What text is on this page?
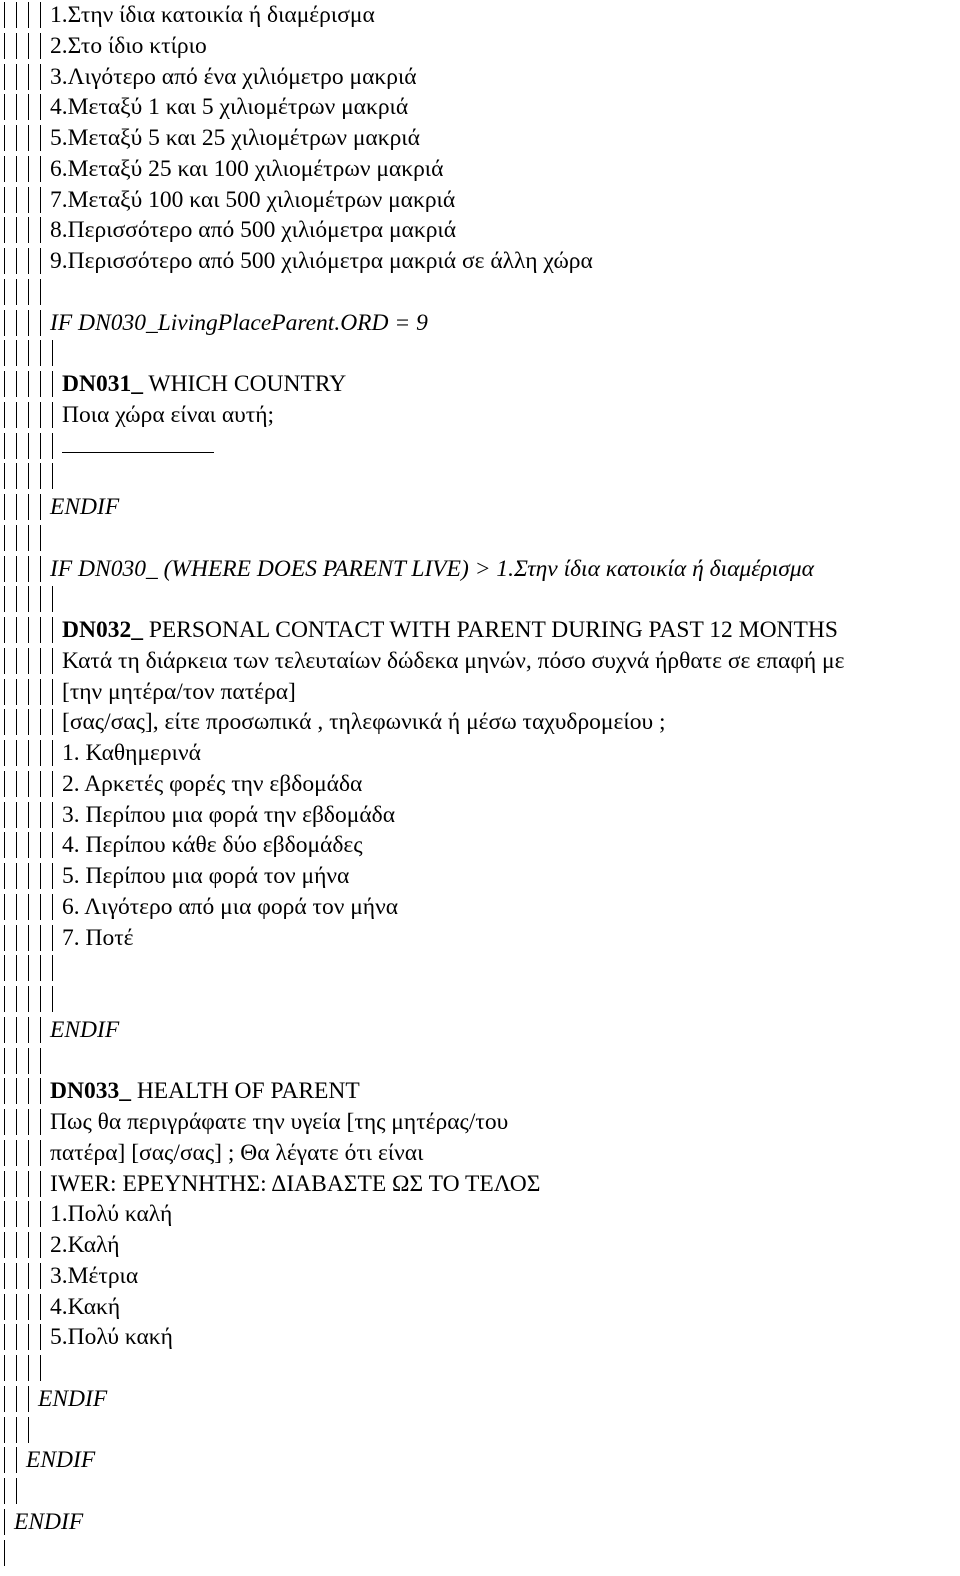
1.Στην ίδια κατοικία ή διαμέρισμα
2.Στο ίδιο κτίριο
3.Λιγότερο από ένα χιλιόμετρο μακριά
4.Μεταξύ 1 και 5 χιλιομέτρων μακριά
5.Μεταξύ 5 και 25 χιλιομέτρων μακριά
6.Μεταξύ 25 και 100 χιλιομέτρων μακριά
7.Μεταξύ 100 και 500 χιλιομέτρων μακριά
8.Περισσότερο από 500 χιλιόμετρα μακριά
9.Περισσότερο από 500 χιλιόμετρα μακριά σε άλλη χώρα
IF DN030_LivingPlaceParent.ORD = 9
DN031_ WHICH COUNTRY
Ποια χώρα είναι αυτή;
ENDIF
IF DN030_ (WHERE DOES PARENT LIVE) > 1.Στην ίδια κατοικία ή διαμέρισμα
DN032_ PERSONAL CONTACT WITH PARENT DURING PAST 12 MONTHS
Κατά τη διάρκεια των τελευταίων δώδεκα μηνών, πόσο συχνά ήρθατε σε επαφή με
[την μητέρα/τον πατέρα]
[σας/σας], είτε προσωπικά , τηλεφωνικά ή μέσω ταχυδρομείου ;
1. Καθημερινά
2. Αρκετές φορές την εβδομάδα
3. Περίπου μια φορά την εβδομάδα
4. Περίπου κάθε δύο εβδομάδες
5. Περίπου μια φορά τον μήνα
6. Λιγότερο από μια φορά τον μήνα
7. Ποτέ
ENDIF
DN033_ HEALTH OF PARENT
Πως θα περιγράφατε την υγεία [της μητέρας/του
πατέρα] [σας/σας] ; Θα λέγατε ότι είναι
IWER: ΕΡΕΥΝΗΤΗΣ: ΔΙΑΒΑΣΤΕ ΩΣ ΤΟ ΤΕΛΟΣ
1.Πολύ καλή
2.Καλή
3.Μέτρια
4.Κακή
5.Πολύ κακή
ENDIF
ENDIF
ENDIF
